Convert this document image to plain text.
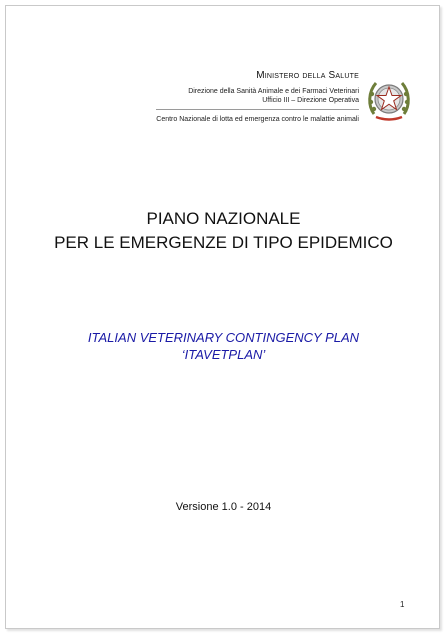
Ministero della Salute
Direzione della Sanità Animale e dei Farmaci Veterinari
Ufficio III – Direzione Operativa
Centro Nazionale di lotta ed emergenza contro le malattie animali
PIANO NAZIONALE
PER LE EMERGENZE DI TIPO EPIDEMICO
ITALIAN VETERINARY CONTINGENCY PLAN
‘ITAVETPLAN’
Versione 1.0 - 2014
1
